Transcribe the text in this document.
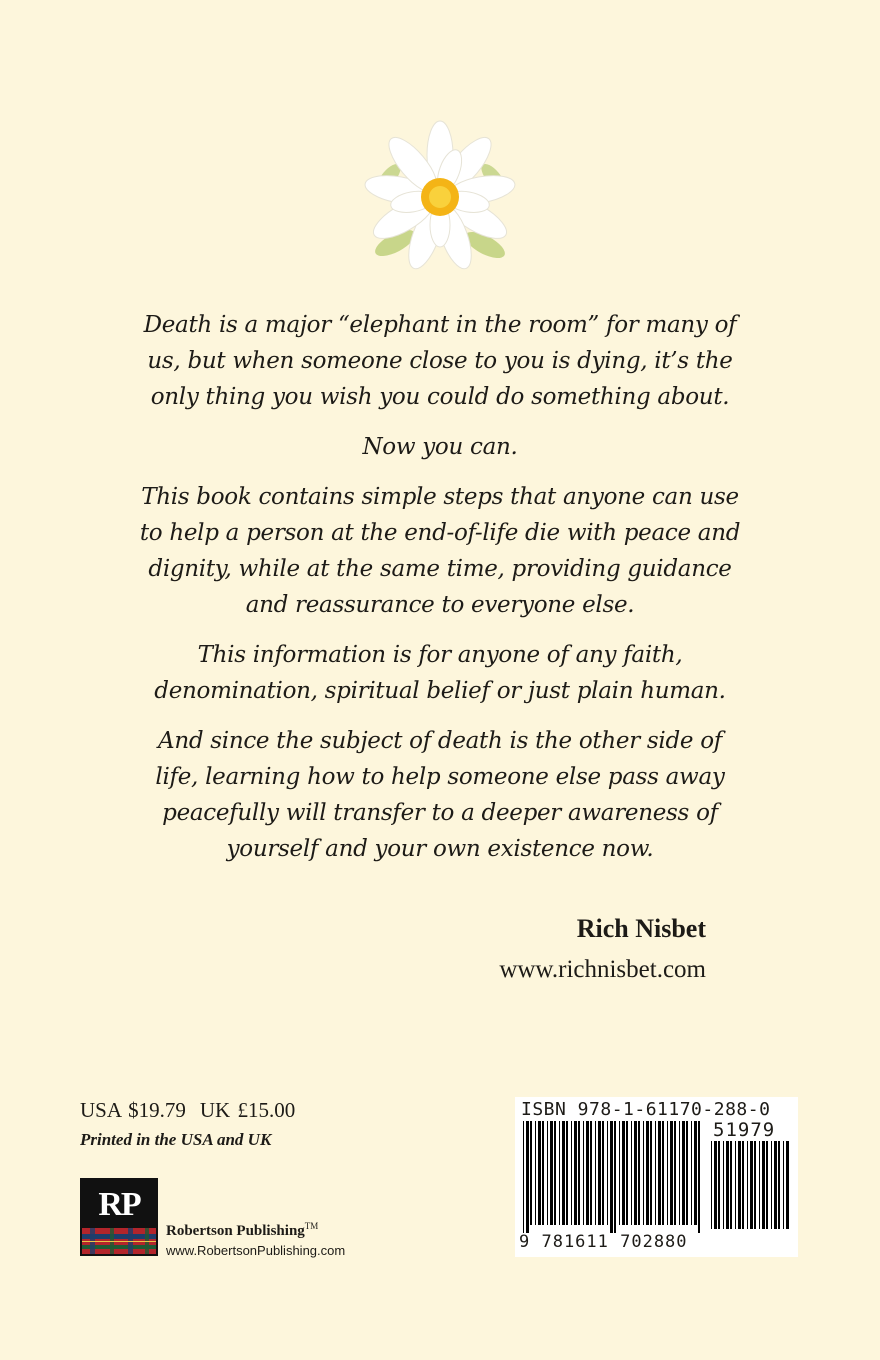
Death is a major “elephant in the room” for many of
us, but when someone close to you is dying, it’s the
only thing you wish you could do something about.

Now you can.

This book contains simple steps that anyone can use
to help a person at the end-of-life die with peace and
dignity, while at the same time, providing guidance
and reassurance to everyone else.

This information is for anyone of any faith,
denomination, spiritual belief or just plain human.

And since the subject of death is the other side of
life, learning how to help someone else pass away
peacefully will transfer to a deeper awareness of
yourself and your own existence now.

Rich Nisbet
www.richnisbet.com
USA $19.79 UK £15.00
Printed in the USA and UK
RP
Robertson Publishing™
www.RobertsonPublishing.com
ISBN 978-1-61170-288-0
51979
9 781611 702880
